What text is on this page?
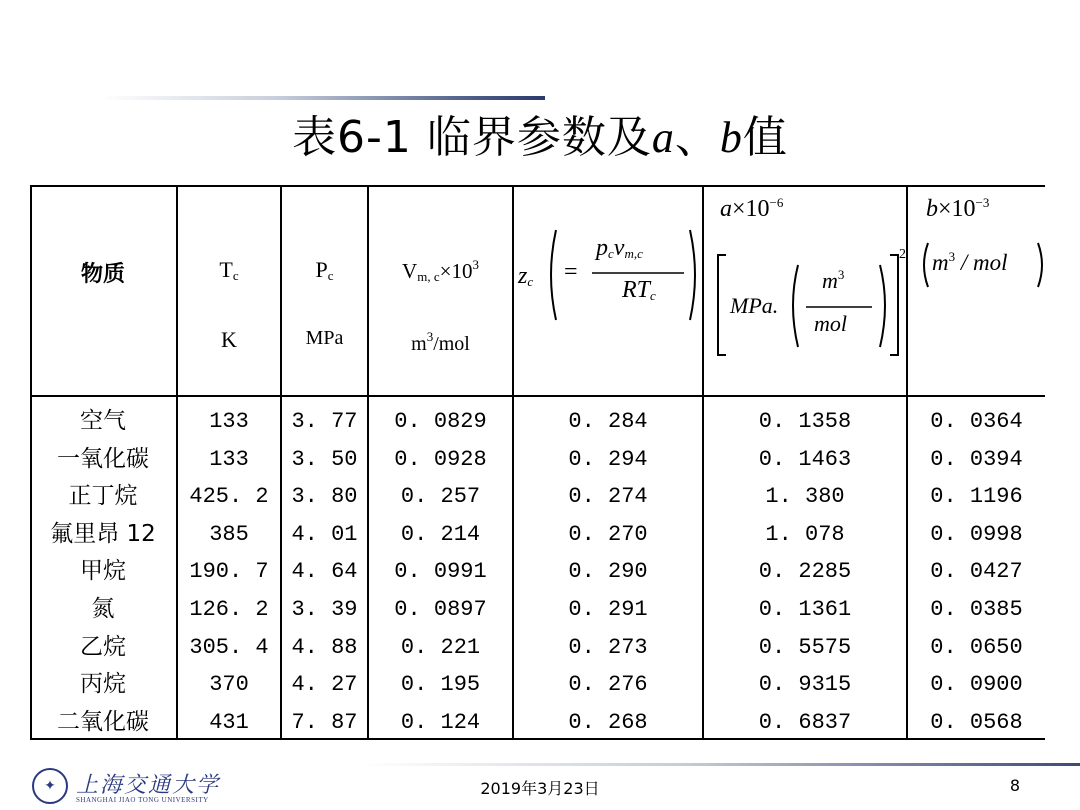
表6-1 临界参数及a、b值
物质	$T_c$
K
$P_c$
MPa
$V_{m, c}\times 10^3$
$m^3$/mol
$z_c$ =
$p_cv_{m,c}$
$RT_c$
$a\times 10^{-6}$
MPa.
$m^3$
mol
2
$b\times 10^{-3}$
$m^3$ / mol
空气
一氧化碳
正丁烷
氟里昂 12
甲烷
氮
乙烷
丙烷
二氧化碳
133
133
425. 2
385
190. 7
126. 2
305. 4
370
431
3. 77
3. 50
3. 80
4. 01
4. 64
3. 39
4. 88
4. 27
7. 87
0. 0829
0. 0928
0. 257
0. 214
0. 0991
0. 0897
0. 221
0. 195
0. 124
0. 284
0. 294
0. 274
0. 270
0. 290
0. 291
0. 273
0. 276
0. 268
0. 1358
0. 1463
1. 380
1. 078
0. 2285
0. 1361
0. 5575
0. 9315
0. 6837
0. 0364
0. 0394
0. 1196
0. 0998
0. 0427
0. 0385
0. 0650
0. 0900
0. 0568
✦ 上海交通大学
SHANGHAI JIAO TONG UNIVERSITY
2019年3月23日	8
